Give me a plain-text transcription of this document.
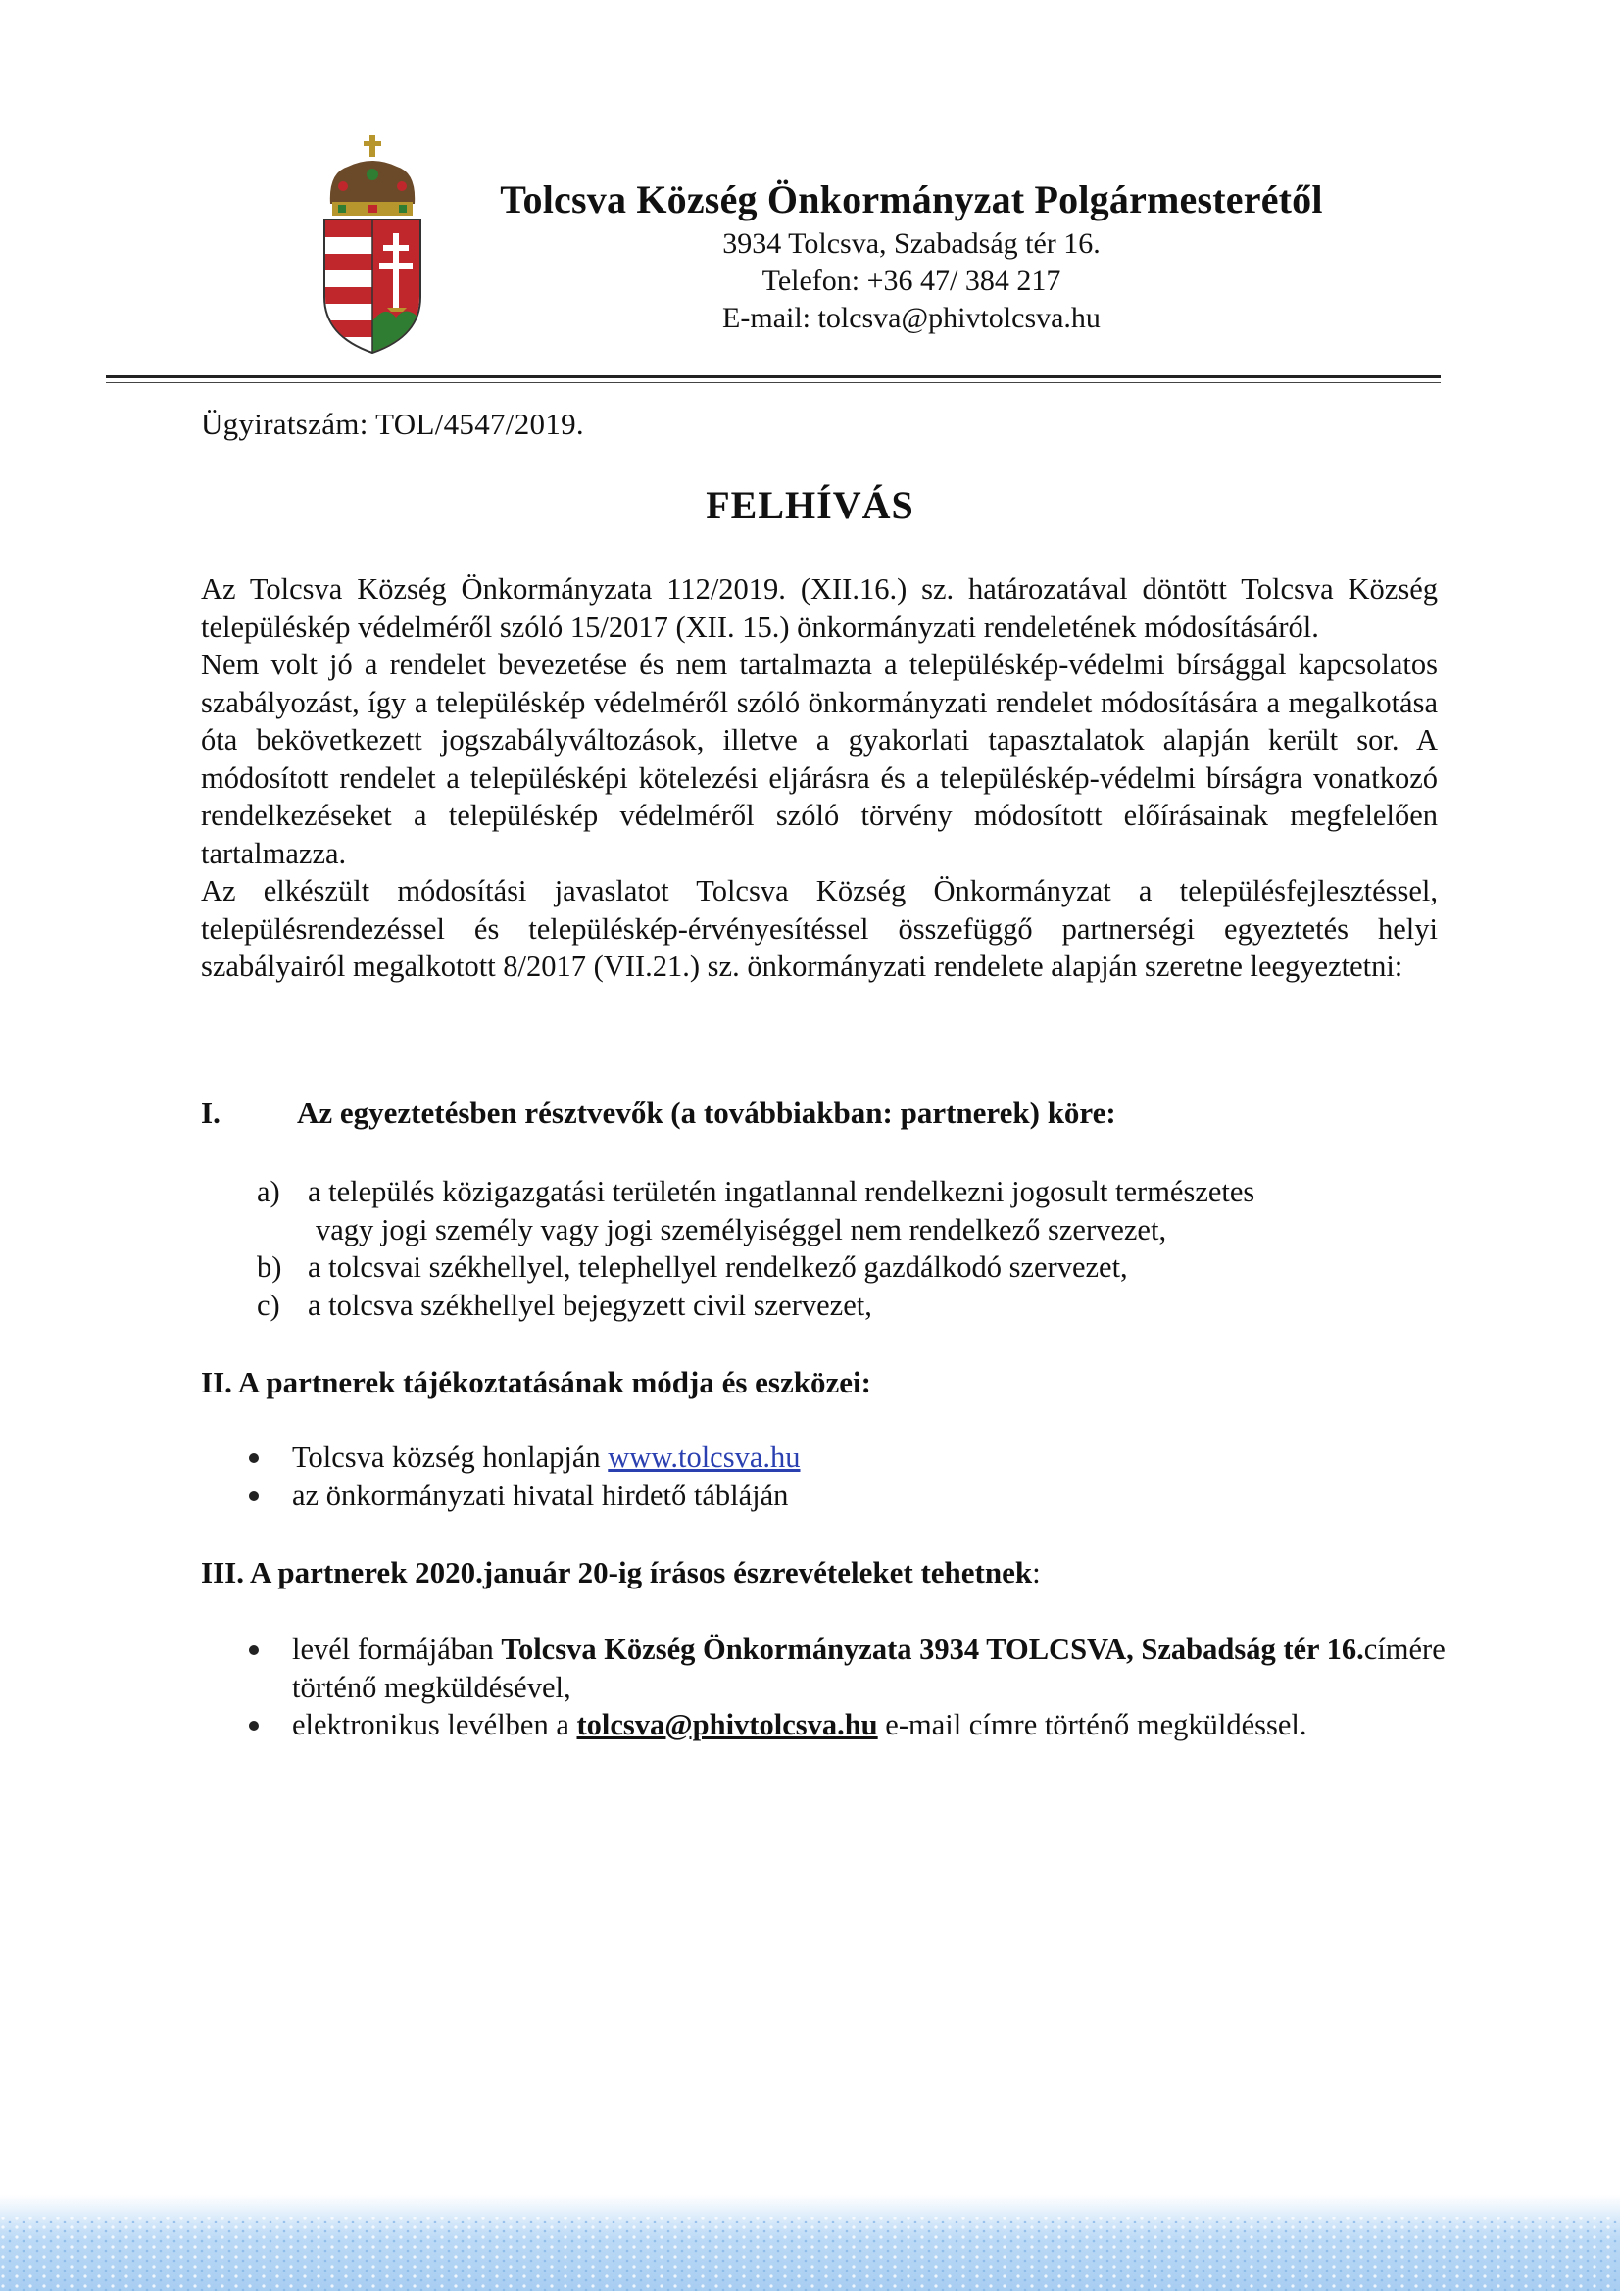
Tolcsva Község Önkormányzat Polgármesterétől
3934 Tolcsva, Szabadság tér 16.
Telefon: +36 47/ 384 217
E-mail: tolcsva@phivtolcsva.hu
Ügyiratszám: TOL/4547/2019.
FELHÍVÁS

Az Tolcsva Község Önkormányzata 112/2019. (XII.16.) sz. határozatával döntött Tolcsva Község településkép védelméről szóló 15/2017 (XII. 15.) önkormányzati rendeletének módosításáról.

Nem volt jó a rendelet bevezetése és nem tartalmazta a településkép-védelmi bírsággal kapcsolatos szabályozást, így a településkép védelméről szóló önkormányzati rendelet módosítására a megalkotása óta bekövetkezett jogszabályváltozások, illetve a gyakorlati tapasztalatok alapján került sor. A módosított rendelet a településképi kötelezési eljárásra és a településkép-védelmi bírságra vonatkozó rendelkezéseket a településkép védelméről szóló törvény módosított előírásainak megfelelően tartalmazza.

Az elkészült módosítási javaslatot Tolcsva Község Önkormányzat a településfejlesztéssel, településrendezéssel és településkép-érvényesítéssel összefüggő partnerségi egyeztetés helyi szabályairól megalkotott 8/2017 (VII.21.) sz. önkormányzati rendelete alapján szeretne leegyeztetni:

I.	Az egyeztetésben résztvevők (a továbbiakban: partnerek) köre:
a) a település közigazgatási területén ingatlannal rendelkezni jogosult természetes
vagy jogi személy vagy jogi személyiséggel nem rendelkező szervezet,
b) a tolcsvai székhellyel, telephellyel rendelkező gazdálkodó szervezet,
c) a tolcsva székhellyel bejegyzett civil szervezet,
II. A partnerek tájékoztatásának módja és eszközei:
Tolcsva község honlapján www.tolcsva.hu
az önkormányzati hivatal hirdető tábláján
III. A partnerek 2020.január 20-ig írásos észrevételeket tehetnek:
levél formájában Tolcsva Község Önkormányzata 3934 TOLCSVA, Szabadság tér 16.címére történő megküldésével,
elektronikus levélben a tolcsva@phivtolcsva.hu e-mail címre történő megküldéssel.
